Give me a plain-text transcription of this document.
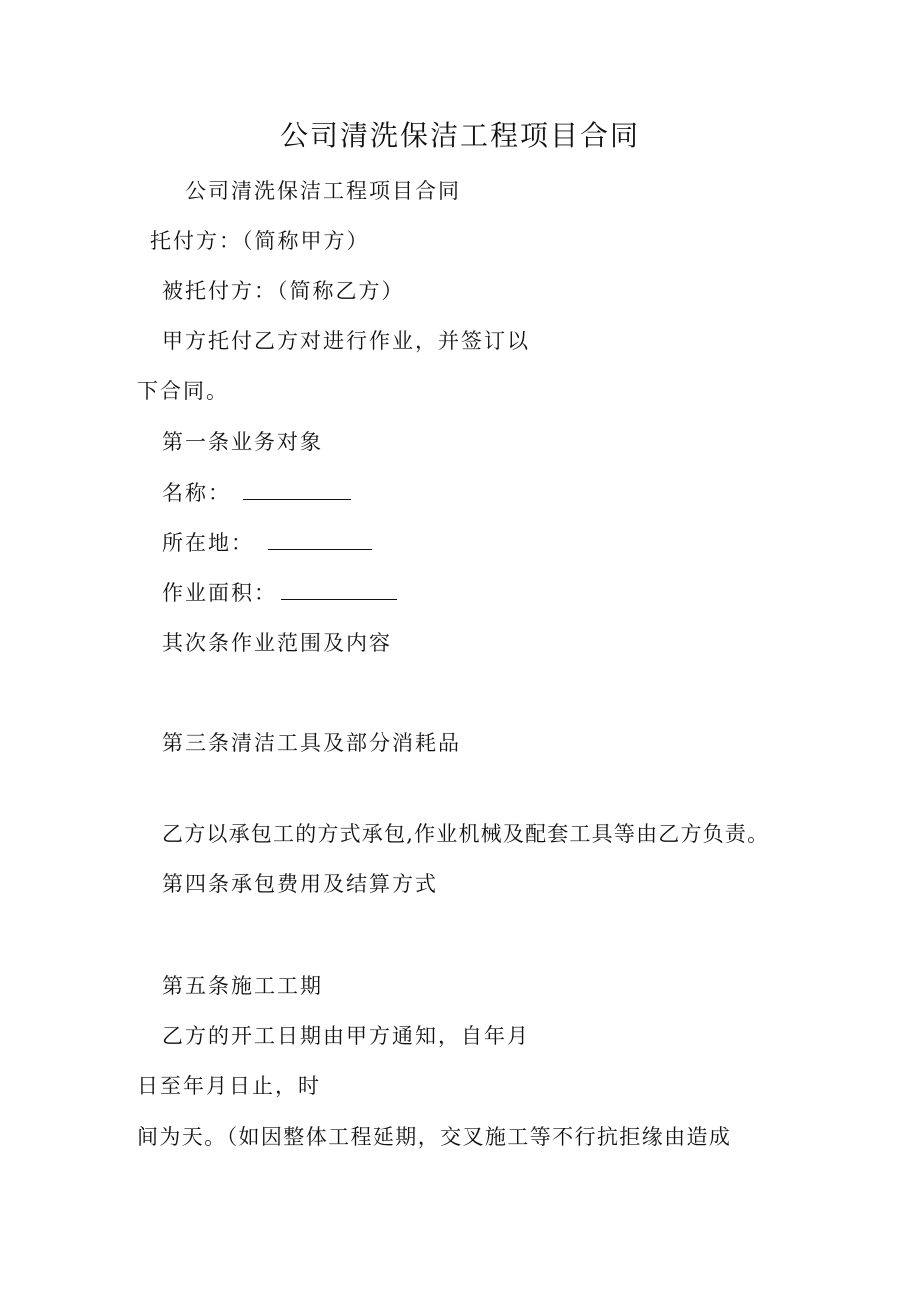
公司清洗保洁工程项目合同
公司清洗保洁工程项目合同
托付方：（简称甲方）
被托付方：（简称乙方）
甲方托付乙方对进行作业，并签订以
下合同。
第一条业务对象
名称：
所在地：
作业面积：
其次条作业范围及内容
第三条清洁工具及部分消耗品
乙方以承包工的方式承包,作业机械及配套工具等由乙方负责。
第四条承包费用及结算方式
第五条施工工期
乙方的开工日期由甲方通知，自年月
日至年月日止，时
间为天。（如因整体工程延期，交叉施工等不行抗拒缘由造成
